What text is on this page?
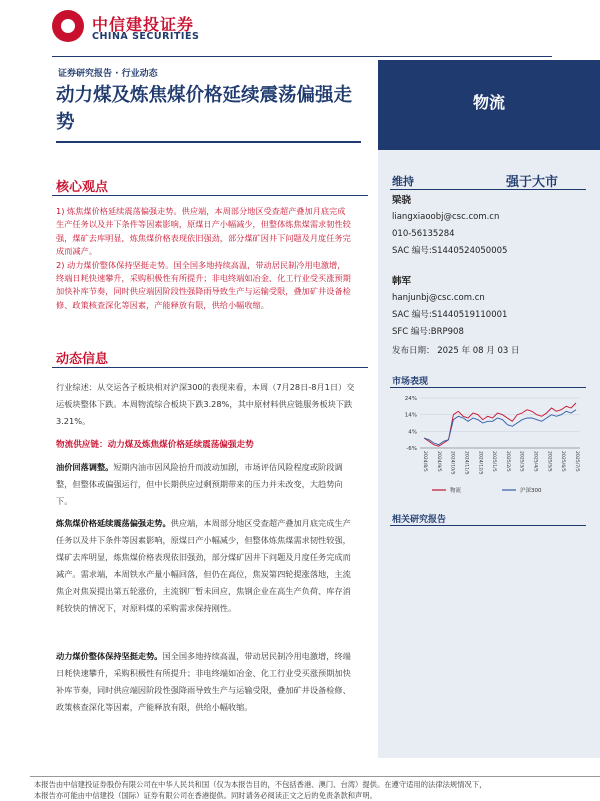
中信建投证券
CHINA SECURITIES
证券研究报告 · 行业动态
动力煤及炼焦煤价格延续震荡偏强走势
物流
维持	强于大市
梁骁
liangxiaoobj@csc.com.cn
010-56135284
SAC 编号:S1440524050005
韩军
hanjunbj@csc.com.cn
SAC 编号:S1440519110001
SFC 编号:BRP908
发布日期： 2025 年 08 月 03 日
市场表现
24%
14%
4%
-6%
2024/8/5 2024/9/5 2024/10/5 2024/11/5 2024/12/5 2025/1/5 2025/2/5 2025/3/5 2025/4/5 2025/5/5 2025/6/5 2025/7/5
物流	沪深300
相关研究报告
核心观点

1) 炼焦煤价格延续震荡偏强走势。供应端，本周部分地区受查超产叠加月底完成生产任务以及井下条件等因素影响，原煤日产小幅减少，但整体炼焦煤需求韧性较强，煤矿去库明显，炼焦煤价格表现依旧强劲，部分煤矿因井下问题及月度任务完成而减产。

2) 动力煤价整体保持坚挺走势。国全国多地持续高温，带动居民制冷用电激增，终端日耗快速攀升，采购积极性有所提升；非电终端如冶金、化工行业受买涨预期加快补库节奏，同时供应端因阶段性强降雨导致生产与运输受限，叠加矿井设备检修、政策核查深化等因素，产能释放有限，供给小幅收缩。

动态信息

行业综述：从交运各子板块相对沪深300的表现来看，本周（7月28日-8月1日）交运板块整体下跌。本周物流综合板块下跌3.28%，其中原材料供应链服务板块下跌3.21%。

物流供应链：动力煤及炼焦煤价格延续震荡偏强走势

油价回落调整。短期内油市因风险抬升而波动加剧，市场评估风险程度或阶段调整，但整体或偏强运行，但中长期供应过剩预期带来的压力并未改变，大趋势向下。

炼焦煤价格延续震荡偏强走势。供应端，本周部分地区受查超产叠加月底完成生产任务以及井下条件等因素影响，原煤日产小幅减少，但整体炼焦煤需求韧性较强，煤矿去库明显，炼焦煤价格表现依旧强劲，部分煤矿因井下问题及月度任务完成而减产。需求端，本周铁水产量小幅回落，但仍在高位，焦炭第四轮提涨落地，主流焦企对焦炭提出第五轮涨价，主流钢厂暂未回应，焦钢企业在高生产负荷、库存消耗较快的情况下，对原料煤的采购需求保持刚性。

动力煤价整体保持坚挺走势。国全国多地持续高温，带动居民制冷用电激增，终端日耗快速攀升，采购积极性有所提升；非电终端如冶金、化工行业受买涨预期加快补库节奏，同时供应端因阶段性强降雨导致生产与运输受限，叠加矿井设备检修、政策核查深化等因素，产能释放有限，供给小幅收缩。

本报告由中信建投证券股份有限公司在中华人民共和国（仅为本报告目的，不包括香港、澳门、台湾）提供。在遵守适用的法律法规情况下，
本报告亦可能由中信建投（国际）证券有限公司在香港提供。同时请务必阅读正文之后的免责条款和声明。
